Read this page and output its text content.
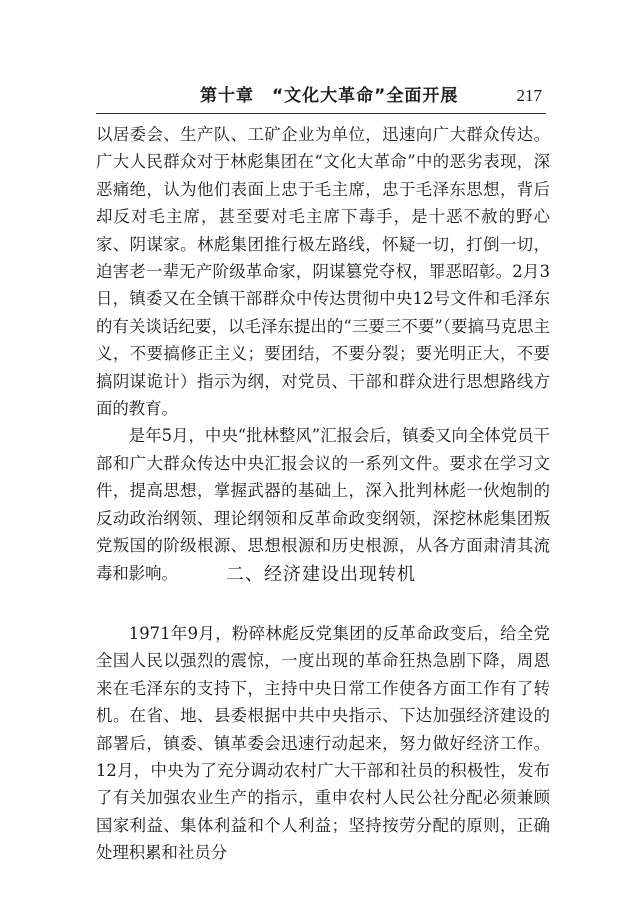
第十章　“文化大革命”全面开展	217

以居委会、生产队、工矿企业为单位，迅速向广大群众传达。广大人民群众对于林彪集团在“文化大革命”中的恶劣表现，深恶痛绝，认为他们表面上忠于毛主席，忠于毛泽东思想，背后却反对毛主席，甚至要对毛主席下毒手，是十恶不赦的野心家、阴谋家。林彪集团推行极左路线，怀疑一切，打倒一切，迫害老一辈无产阶级革命家，阴谋篡党夺权，罪恶昭彰。2月3日，镇委又在全镇干部群众中传达贯彻中央12号文件和毛泽东的有关谈话纪要，以毛泽东提出的“三要三不要”（要搞马克思主义，不要搞修正主义；要团结，不要分裂；要光明正大，不要搞阴谋诡计）指示为纲，对党员、干部和群众进行思想路线方面的教育。

是年5月，中央“批林整风”汇报会后，镇委又向全体党员干部和广大群众传达中央汇报会议的一系列文件。要求在学习文件，提高思想，掌握武器的基础上，深入批判林彪一伙炮制的反动政治纲领、理论纲领和反革命政变纲领，深挖林彪集团叛党叛国的阶级根源、思想根源和历史根源，从各方面肃清其流毒和影响。	二、经济建设出现转机

1971年9月，粉碎林彪反党集团的反革命政变后，给全党全国人民以强烈的震惊，一度出现的革命狂热急剧下降，周恩来在毛泽东的支持下，主持中央日常工作使各方面工作有了转机。在省、地、县委根据中共中央指示、下达加强经济建设的部署后，镇委、镇革委会迅速行动起来，努力做好经济工作。12月，中央为了充分调动农村广大干部和社员的积极性，发布了有关加强农业生产的指示，重申农村人民公社分配必须兼顾国家利益、集体利益和个人利益；坚持按劳分配的原则，正确处理积累和社员分
